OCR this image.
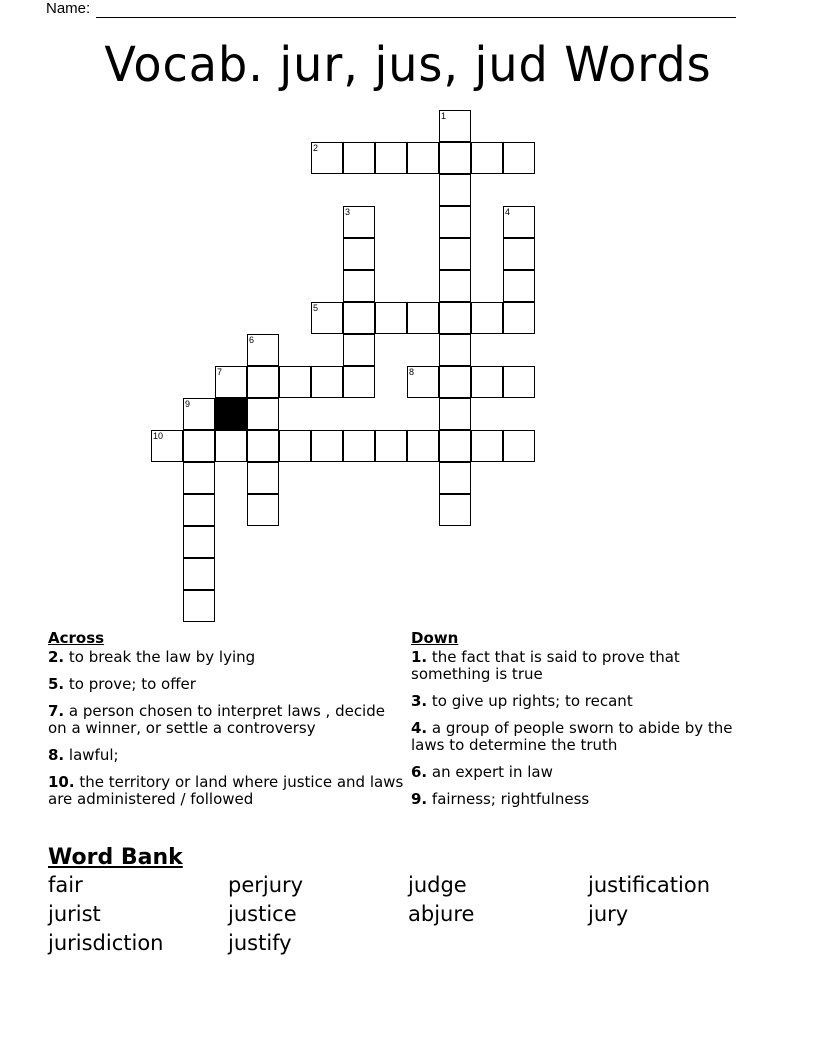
Name:
Vocab. jur, jus, jud Words
1
2
3	4
5
6
7	8
9
10
Across
2. to break the law by lying
5. to prove; to offer
7. a person chosen to interpret laws , decide on a winner, or settle a controversy
8. lawful;
10. the territory or land where justice and laws are administered / followed
Down
1. the fact that is said to prove that something is true
3. to give up rights; to recant
4. a group of people sworn to abide by the laws to determine the truth
6. an expert in law
9. fairness; rightfulness
Word Bank
fair	perjury	judge	justification
jurist	justice	abjure	jury
jurisdiction	justify
